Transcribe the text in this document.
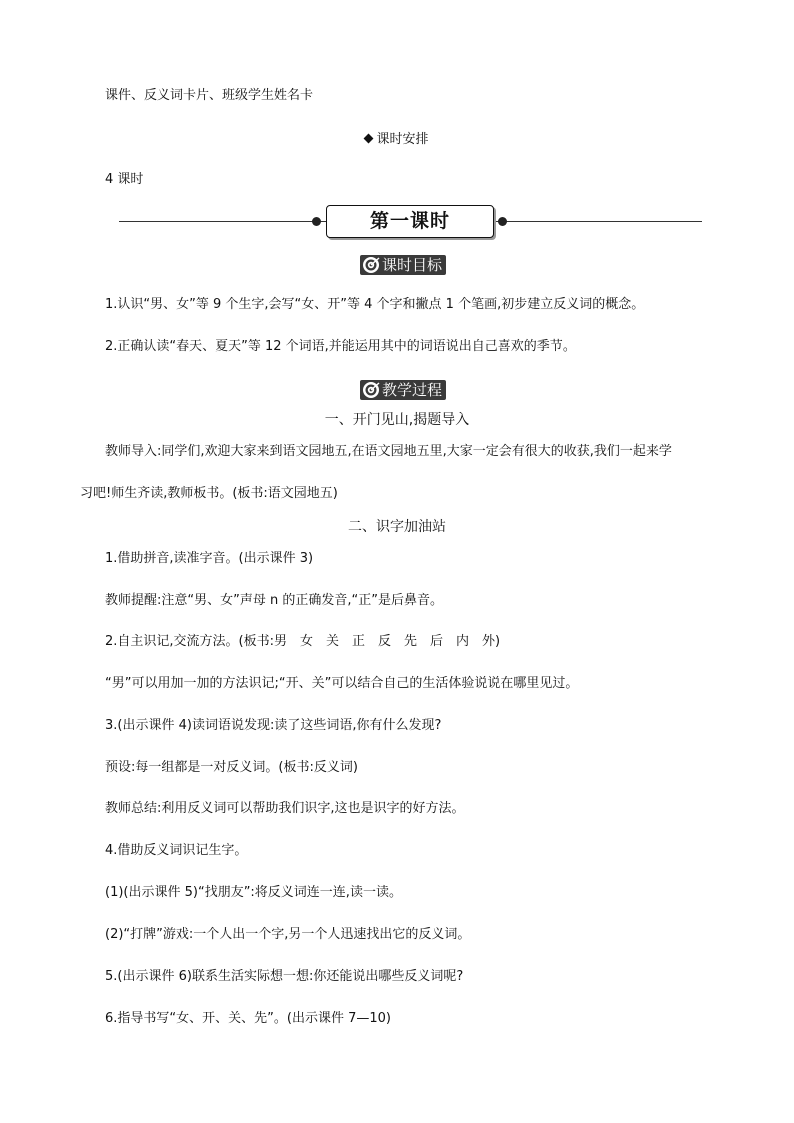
课件、反义词卡片、班级学生姓名卡
课时安排
4 课时
第一课时
课时目标
1.认识“男、女”等 9 个生字,会写“女、开”等 4 个字和撇点 1 个笔画,初步建立反义词的概念。
2.正确认读“春天、夏天”等 12 个词语,并能运用其中的词语说出自己喜欢的季节。
教学过程
一、开门见山,揭题导入
教师导入:同学们,欢迎大家来到语文园地五,在语文园地五里,大家一定会有很大的收获,我们一起来学
习吧!师生齐读,教师板书。(板书:语文园地五)
二、识字加油站
1.借助拼音,读准字音。(出示课件 3)
教师提醒:注意“男、女”声母 n 的正确发音,“正”是后鼻音。
2.自主识记,交流方法。(板书:男　女　关　正　反　先　后　内　外)
“男”可以用加一加的方法识记;“开、关”可以结合自己的生活体验说说在哪里见过。
3.(出示课件 4)读词语说发现:读了这些词语,你有什么发现?
预设:每一组都是一对反义词。(板书:反义词)
教师总结:利用反义词可以帮助我们识字,这也是识字的好方法。
4.借助反义词识记生字。
(1)(出示课件 5)“找朋友”:将反义词连一连,读一读。
(2)“打牌”游戏:一个人出一个字,另一个人迅速找出它的反义词。
5.(出示课件 6)联系生活实际想一想:你还能说出哪些反义词呢?
6.指导书写“女、开、关、先”。(出示课件 7—10)
